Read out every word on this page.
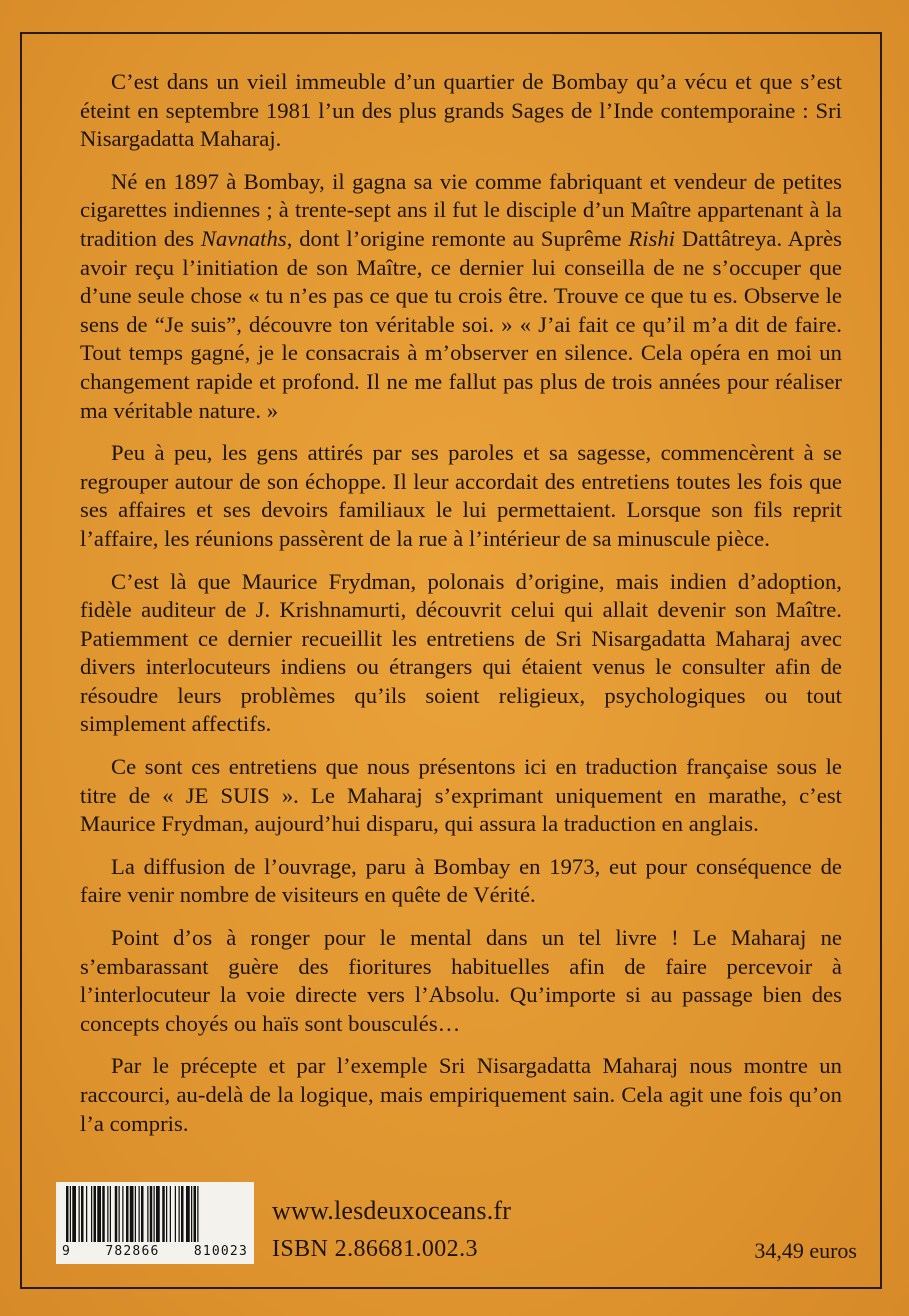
C’est dans un vieil immeuble d’un quartier de Bombay qu’a vécu et que s’est éteint en septembre 1981 l’un des plus grands Sages de l’Inde contemporaine : Sri Nisargadatta Maharaj.

Né en 1897 à Bombay, il gagna sa vie comme fabriquant et vendeur de petites cigarettes indiennes ; à trente-sept ans il fut le disciple d’un Maître appartenant à la tradition des Navnaths, dont l’origine remonte au Suprême Rishi Dattâtreya. Après avoir reçu l’initiation de son Maître, ce dernier lui conseilla de ne s’occuper que d’une seule chose « tu n’es pas ce que tu crois être. Trouve ce que tu es. Observe le sens de “Je suis”, découvre ton véritable soi. » « J’ai fait ce qu’il m’a dit de faire. Tout temps gagné, je le consacrais à m’observer en silence. Cela opéra en moi un changement rapide et profond. Il ne me fallut pas plus de trois années pour réaliser ma véritable nature. »

Peu à peu, les gens attirés par ses paroles et sa sagesse, commencèrent à se regrouper autour de son échoppe. Il leur accordait des entretiens toutes les fois que ses affaires et ses devoirs familiaux le lui permettaient. Lorsque son fils reprit l’affaire, les réunions passèrent de la rue à l’intérieur de sa minuscule pièce.

C’est là que Maurice Frydman, polonais d’origine, mais indien d’adoption, fidèle auditeur de J. Krishnamurti, découvrit celui qui allait devenir son Maître. Patiemment ce dernier recueillit les entretiens de Sri Nisargadatta Maharaj avec divers interlocuteurs indiens ou étrangers qui étaient venus le consulter afin de résoudre leurs problèmes qu’ils soient religieux, psychologiques ou tout simplement affectifs.

Ce sont ces entretiens que nous présentons ici en traduction française sous le titre de « JE SUIS ». Le Maharaj s’exprimant uniquement en marathe, c’est Maurice Frydman, aujourd’hui disparu, qui assura la traduction en anglais.

La diffusion de l’ouvrage, paru à Bombay en 1973, eut pour conséquence de faire venir nombre de visiteurs en quête de Vérité.

Point d’os à ronger pour le mental dans un tel livre ! Le Maharaj ne s’embarassant guère des fioritures habituelles afin de faire percevoir à l’interlocuteur la voie directe vers l’Absolu. Qu’importe si au passage bien des concepts choyés ou haïs sont bousculés…

Par le précepte et par l’exemple Sri Nisargadatta Maharaj nous montre un raccourci, au-delà de la logique, mais empiriquement sain. Cela agit une fois qu’on l’a compris.

9	782866	810023
www.lesdeuxoceans.fr
ISBN 2.86681.002.3	34,49 euros
